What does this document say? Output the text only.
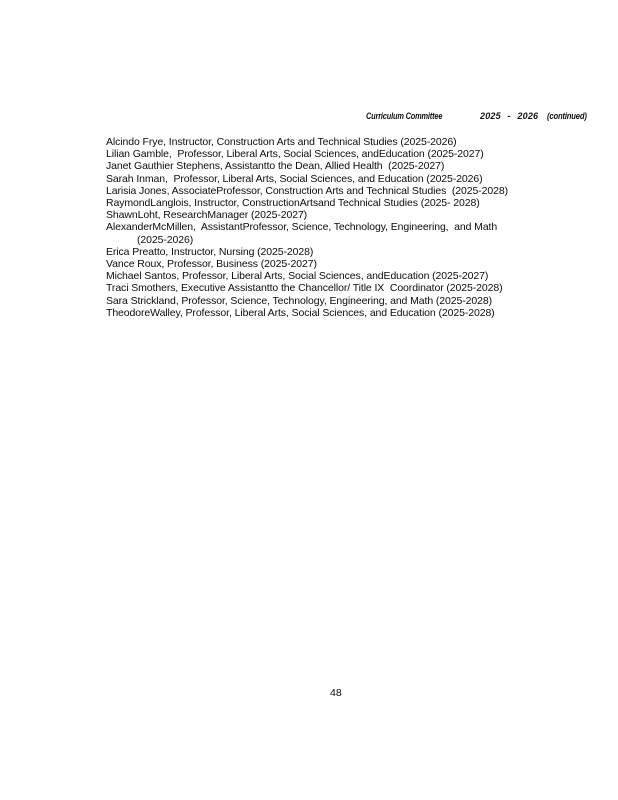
Curriculum Committee	2025 - 2026 (continued)
Alcindo Frye, Instructor, Construction Arts and Technical Studies (2025-2026)
Lilian Gamble,  Professor, Liberal Arts, Social Sciences, andEducation (2025-2027)
Janet Gauthier Stephens, Assistantto the Dean, Allied Health  (2025-2027)
Sarah Inman,  Professor, Liberal Arts, Social Sciences, and Education (2025-2026)
Larisia Jones, AssociateProfessor, Construction Arts and Technical Studies  (2025-2028)
RaymondLanglois, Instructor, ConstructionArtsand Technical Studies (2025- 2028)
ShawnLoht, ResearchManager (2025-2027)
AlexanderMcMillen,  AssistantProfessor, Science, Technology, Engineering,  and Math
(2025-2026)
Erica Preatto, Instructor, Nursing (2025-2028)
Vance Roux, Professor, Business (2025-2027)
Michael Santos, Professor, Liberal Arts, Social Sciences, andEducation (2025-2027)
Traci Smothers, Executive Assistantto the Chancellor/ Title IX  Coordinator (2025-2028)
Sara Strickland, Professor, Science, Technology, Engineering, and Math (2025-2028)
TheodoreWalley, Professor, Liberal Arts, Social Sciences, and Education (2025-2028)
48
